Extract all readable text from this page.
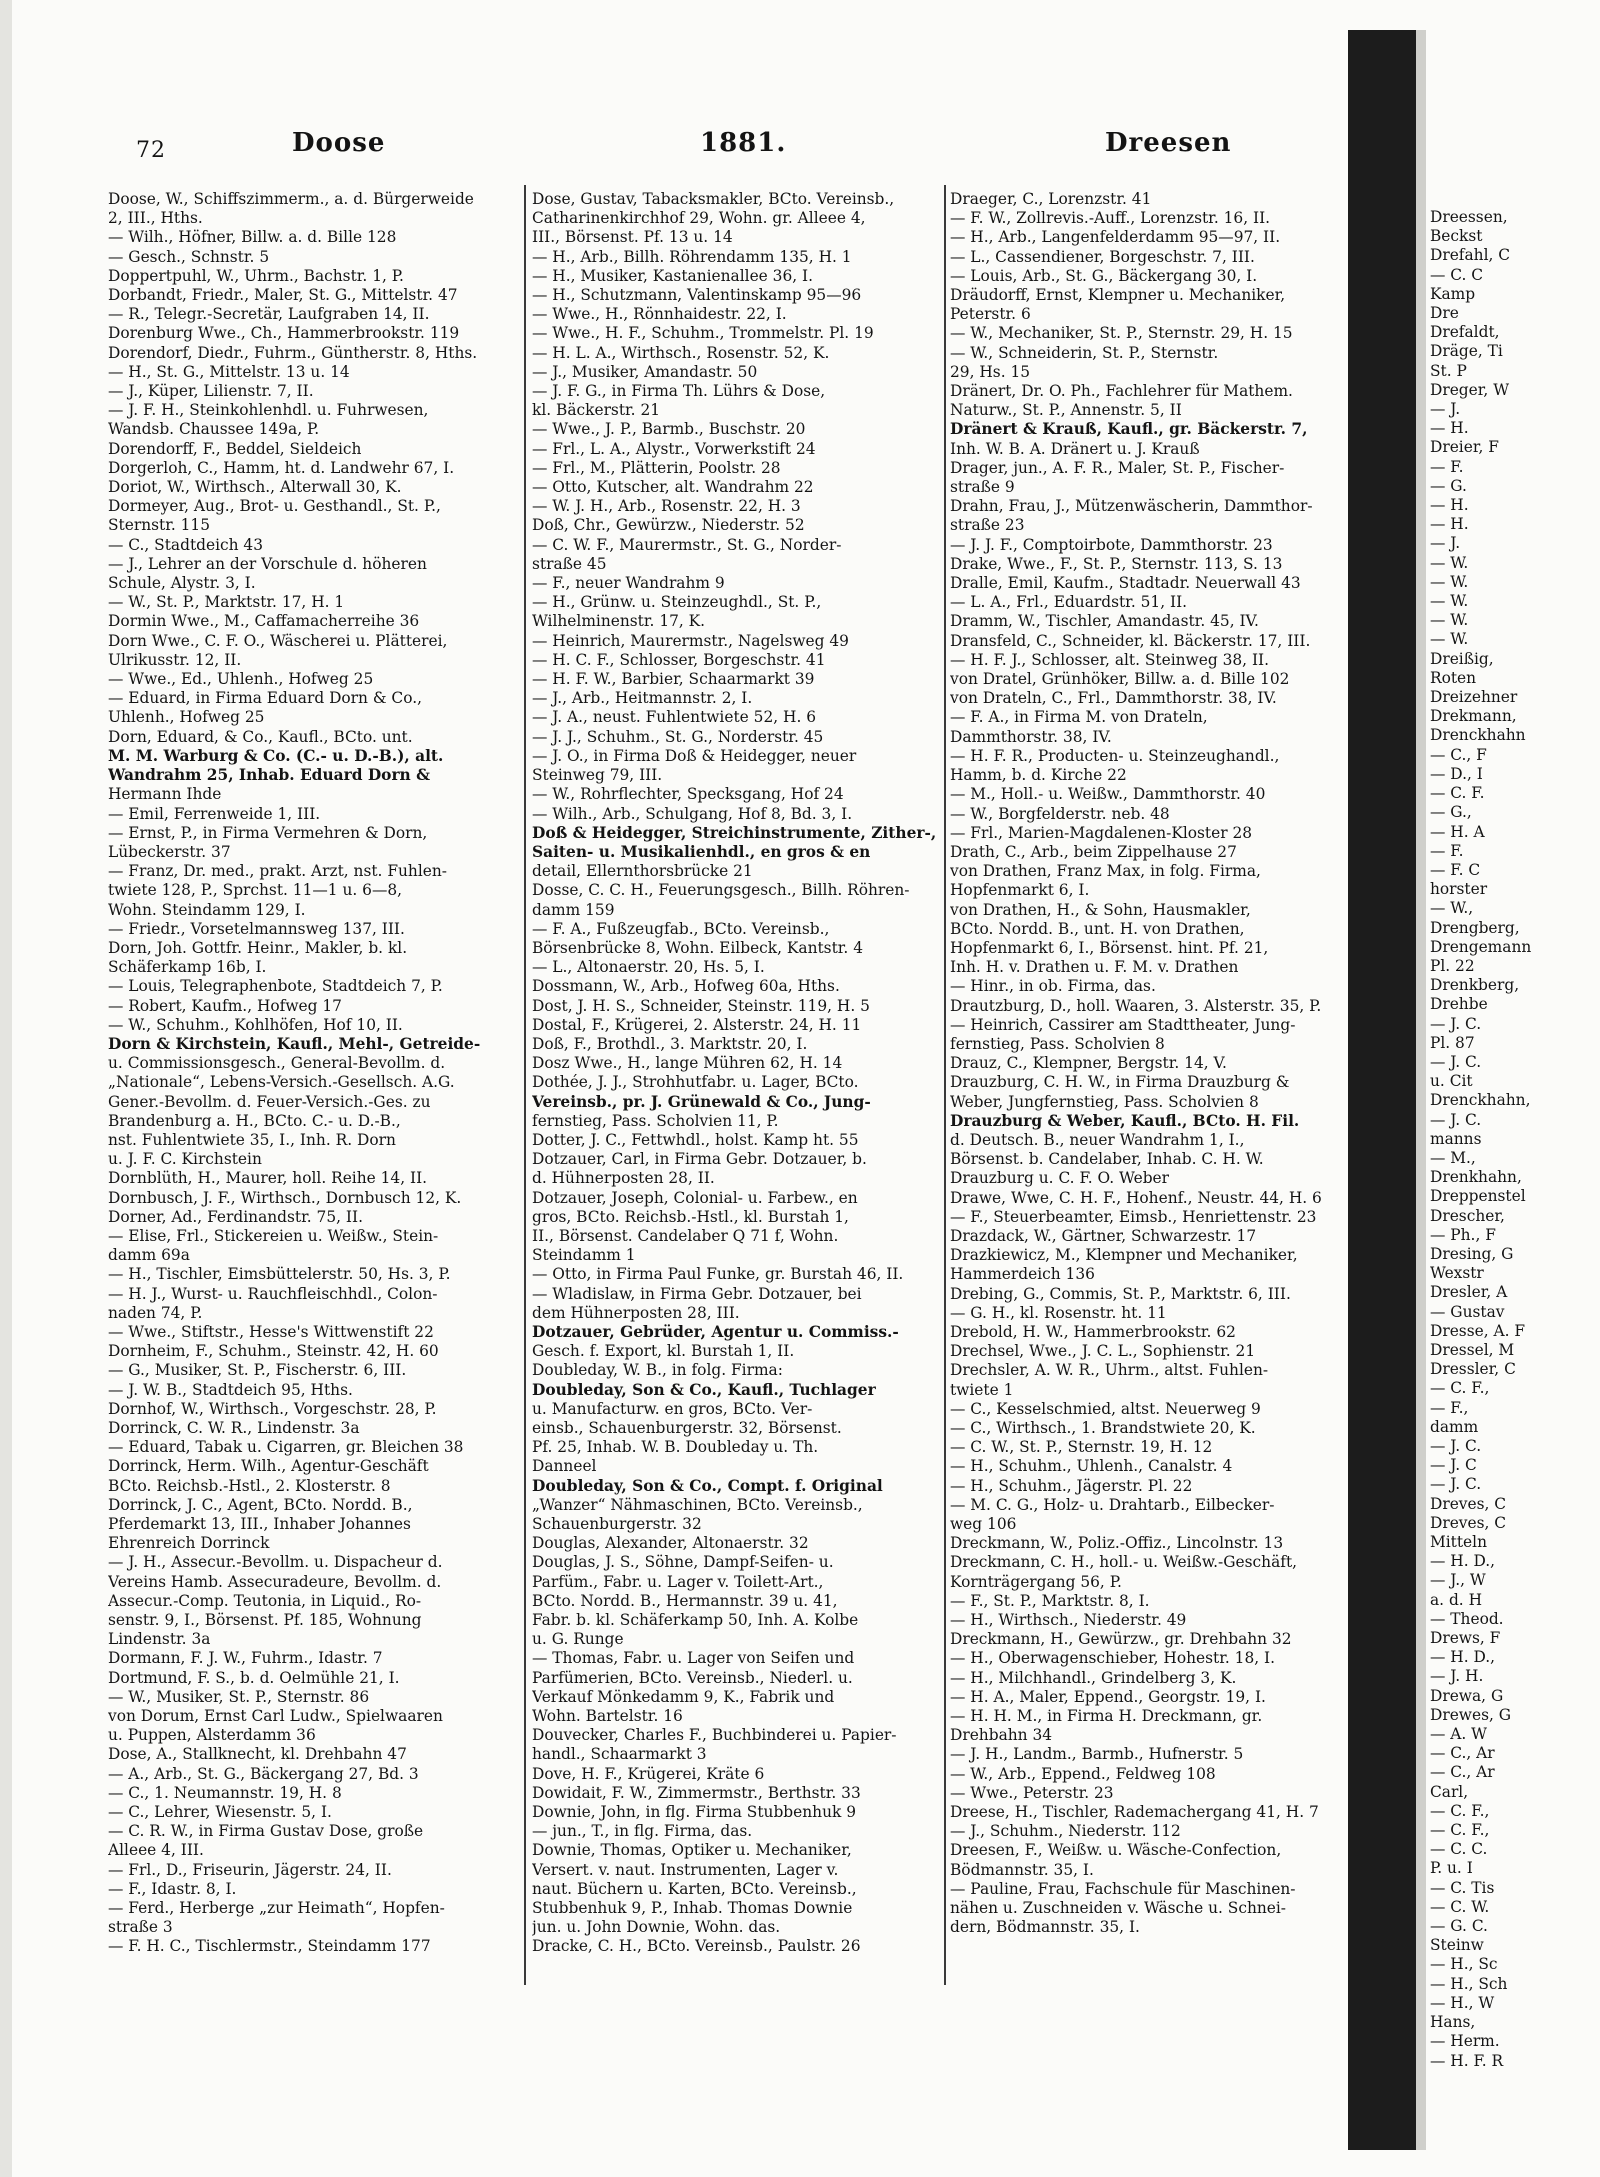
72	Doose	1881.	Dreesen
Doose, W., Schiffszimmerm., a. d. Bürgerweide
2, III., Hths.
— Wilh., Höfner, Billw. a. d. Bille 128
— Gesch., Schnstr. 5
Doppertpuhl, W., Uhrm., Bachstr. 1, P.
Dorbandt, Friedr., Maler, St. G., Mittelstr. 47
— R., Telegr.-Secretär, Laufgraben 14, II.
Dorenburg Wwe., Ch., Hammerbrookstr. 119
Dorendorf, Diedr., Fuhrm., Güntherstr. 8, Hths.
— H., St. G., Mittelstr. 13 u. 14
— J., Küper, Lilienstr. 7, II.
— J. F. H., Steinkohlenhdl. u. Fuhrwesen,
Wandsb. Chaussee 149a, P.
Dorendorff, F., Beddel, Sieldeich
Dorgerloh, C., Hamm, ht. d. Landwehr 67, I.
Doriot, W., Wirthsch., Alterwall 30, K.
Dormeyer, Aug., Brot- u. Gesthandl., St. P.,
Sternstr. 115
— C., Stadtdeich 43
— J., Lehrer an der Vorschule d. höheren
Schule, Alystr. 3, I.
— W., St. P., Marktstr. 17, H. 1
Dormin Wwe., M., Caffamacherreihe 36
Dorn Wwe., C. F. O., Wäscherei u. Plätterei,
Ulrikusstr. 12, II.
— Wwe., Ed., Uhlenh., Hofweg 25
— Eduard, in Firma Eduard Dorn & Co.,
Uhlenh., Hofweg 25
Dorn, Eduard, & Co., Kaufl., BCto. unt.
M. M. Warburg & Co. (C.- u. D.-B.), alt.
Wandrahm 25, Inhab. Eduard Dorn &
Hermann Ihde
— Emil, Ferrenweide 1, III.
— Ernst, P., in Firma Vermehren & Dorn,
Lübeckerstr. 37
— Franz, Dr. med., prakt. Arzt, nst. Fuhlen-
twiete 128, P., Sprchst. 11—1 u. 6—8,
Wohn. Steindamm 129, I.
— Friedr., Vorsetelmannsweg 137, III.
Dorn, Joh. Gottfr. Heinr., Makler, b. kl.
Schäferkamp 16b, I.
— Louis, Telegraphenbote, Stadtdeich 7, P.
— Robert, Kaufm., Hofweg 17
— W., Schuhm., Kohlhöfen, Hof 10, II.
Dorn & Kirchstein, Kaufl., Mehl-, Getreide-
u. Commissionsgesch., General-Bevollm. d.
„Nationale“, Lebens-Versich.-Gesellsch. A.G.
Gener.-Bevollm. d. Feuer-Versich.-Ges. zu
Brandenburg a. H., BCto. C.- u. D.-B.,
nst. Fuhlentwiete 35, I., Inh. R. Dorn
u. J. F. C. Kirchstein
Dornblüth, H., Maurer, holl. Reihe 14, II.
Dornbusch, J. F., Wirthsch., Dornbusch 12, K.
Dorner, Ad., Ferdinandstr. 75, II.
— Elise, Frl., Stickereien u. Weißw., Stein-
damm 69a
— H., Tischler, Eimsbüttelerstr. 50, Hs. 3, P.
— H. J., Wurst- u. Rauchfleischhdl., Colon-
naden 74, P.
— Wwe., Stiftstr., Hesse's Wittwenstift 22
Dornheim, F., Schuhm., Steinstr. 42, H. 60
— G., Musiker, St. P., Fischerstr. 6, III.
— J. W. B., Stadtdeich 95, Hths.
Dornhof, W., Wirthsch., Vorgeschstr. 28, P.
Dorrinck, C. W. R., Lindenstr. 3a
— Eduard, Tabak u. Cigarren, gr. Bleichen 38
Dorrinck, Herm. Wilh., Agentur-Geschäft
BCto. Reichsb.-Hstl., 2. Klosterstr. 8
Dorrinck, J. C., Agent, BCto. Nordd. B.,
Pferdemarkt 13, III., Inhaber Johannes
Ehrenreich Dorrinck
— J. H., Assecur.-Bevollm. u. Dispacheur d.
Vereins Hamb. Assecuradeure, Bevollm. d.
Assecur.-Comp. Teutonia, in Liquid., Ro-
senstr. 9, I., Börsenst. Pf. 185, Wohnung
Lindenstr. 3a
Dormann, F. J. W., Fuhrm., Idastr. 7
Dortmund, F. S., b. d. Oelmühle 21, I.
— W., Musiker, St. P., Sternstr. 86
von Dorum, Ernst Carl Ludw., Spielwaaren
u. Puppen, Alsterdamm 36
Dose, A., Stallknecht, kl. Drehbahn 47
— A., Arb., St. G., Bäckergang 27, Bd. 3
— C., 1. Neumannstr. 19, H. 8
— C., Lehrer, Wiesenstr. 5, I.
— C. R. W., in Firma Gustav Dose, große
Alleee 4, III.
— Frl., D., Friseurin, Jägerstr. 24, II.
— F., Idastr. 8, I.
— Ferd., Herberge „zur Heimath“, Hopfen-
straße 3
— F. H. C., Tischlermstr., Steindamm 177
Dose, Gustav, Tabacksmakler, BCto. Vereinsb.,
Catharinenkirchhof 29, Wohn. gr. Alleee 4,
III., Börsenst. Pf. 13 u. 14
— H., Arb., Billh. Röhrendamm 135, H. 1
— H., Musiker, Kastanienallee 36, I.
— H., Schutzmann, Valentinskamp 95—96
— Wwe., H., Rönnhaidestr. 22, I.
— Wwe., H. F., Schuhm., Trommelstr. Pl. 19
— H. L. A., Wirthsch., Rosenstr. 52, K.
— J., Musiker, Amandastr. 50
— J. F. G., in Firma Th. Lührs & Dose,
kl. Bäckerstr. 21
— Wwe., J. P., Barmb., Buschstr. 20
— Frl., L. A., Alystr., Vorwerkstift 24
— Frl., M., Plätterin, Poolstr. 28
— Otto, Kutscher, alt. Wandrahm 22
— W. J. H., Arb., Rosenstr. 22, H. 3
Doß, Chr., Gewürzw., Niederstr. 52
— C. W. F., Maurermstr., St. G., Norder-
straße 45
— F., neuer Wandrahm 9
— H., Grünw. u. Steinzeughdl., St. P.,
Wilhelminenstr. 17, K.
— Heinrich, Maurermstr., Nagelsweg 49
— H. C. F., Schlosser, Borgeschstr. 41
— H. F. W., Barbier, Schaarmarkt 39
— J., Arb., Heitmannstr. 2, I.
— J. A., neust. Fuhlentwiete 52, H. 6
— J. J., Schuhm., St. G., Norderstr. 45
— J. O., in Firma Doß & Heidegger, neuer
Steinweg 79, III.
— W., Rohrflechter, Specksgang, Hof 24
— Wilh., Arb., Schulgang, Hof 8, Bd. 3, I.
Doß & Heidegger, Streichinstrumente, Zither-,
Saiten- u. Musikalienhdl., en gros & en
detail, Ellernthorsbrücke 21
Dosse, C. C. H., Feuerungsgesch., Billh. Röhren-
damm 159
— F. A., Fußzeugfab., BCto. Vereinsb.,
Börsenbrücke 8, Wohn. Eilbeck, Kantstr. 4
— L., Altonaerstr. 20, Hs. 5, I.
Dossmann, W., Arb., Hofweg 60a, Hths.
Dost, J. H. S., Schneider, Steinstr. 119, H. 5
Dostal, F., Krügerei, 2. Alsterstr. 24, H. 11
Doß, F., Brothdl., 3. Marktstr. 20, I.
Dosz Wwe., H., lange Mühren 62, H. 14
Dothée, J. J., Strohhutfabr. u. Lager, BCto.
Vereinsb., pr. J. Grünewald & Co., Jung-
fernstieg, Pass. Scholvien 11, P.
Dotter, J. C., Fettwhdl., holst. Kamp ht. 55
Dotzauer, Carl, in Firma Gebr. Dotzauer, b.
d. Hühnerposten 28, II.
Dotzauer, Joseph, Colonial- u. Farbew., en
gros, BCto. Reichsb.-Hstl., kl. Burstah 1,
II., Börsenst. Candelaber Q 71 f, Wohn.
Steindamm 1
— Otto, in Firma Paul Funke, gr. Burstah 46, II.
— Wladislaw, in Firma Gebr. Dotzauer, bei
dem Hühnerposten 28, III.
Dotzauer, Gebrüder, Agentur u. Commiss.-
Gesch. f. Export, kl. Burstah 1, II.
Doubleday, W. B., in folg. Firma:
Doubleday, Son & Co., Kaufl., Tuchlager
u. Manufacturw. en gros, BCto. Ver-
einsb., Schauenburgerstr. 32, Börsenst.
Pf. 25, Inhab. W. B. Doubleday u. Th.
Danneel
Doubleday, Son & Co., Compt. f. Original
„Wanzer“ Nähmaschinen, BCto. Vereinsb.,
Schauenburgerstr. 32
Douglas, Alexander, Altonaerstr. 32
Douglas, J. S., Söhne, Dampf-Seifen- u.
Parfüm., Fabr. u. Lager v. Toilett-Art.,
BCto. Nordd. B., Hermannstr. 39 u. 41,
Fabr. b. kl. Schäferkamp 50, Inh. A. Kolbe
u. G. Runge
— Thomas, Fabr. u. Lager von Seifen und
Parfümerien, BCto. Vereinsb., Niederl. u.
Verkauf Mönkedamm 9, K., Fabrik und
Wohn. Bartelstr. 16
Douvecker, Charles F., Buchbinderei u. Papier-
handl., Schaarmarkt 3
Dove, H. F., Krügerei, Kräte 6
Dowidait, F. W., Zimmermstr., Berthstr. 33
Downie, John, in flg. Firma Stubbenhuk 9
— jun., T., in flg. Firma, das.
Downie, Thomas, Optiker u. Mechaniker,
Versert. v. naut. Instrumenten, Lager v.
naut. Büchern u. Karten, BCto. Vereinsb.,
Stubbenhuk 9, P., Inhab. Thomas Downie
jun. u. John Downie, Wohn. das.
Dracke, C. H., BCto. Vereinsb., Paulstr. 26
Draeger, C., Lorenzstr. 41
— F. W., Zollrevis.-Auff., Lorenzstr. 16, II.
— H., Arb., Langenfelderdamm 95—97, II.
— L., Cassendiener, Borgeschstr. 7, III.
— Louis, Arb., St. G., Bäckergang 30, I.
Dräudorff, Ernst, Klempner u. Mechaniker,
Peterstr. 6
— W., Mechaniker, St. P., Sternstr. 29, H. 15
— W., Schneiderin, St. P., Sternstr.
29, Hs. 15
Dränert, Dr. O. Ph., Fachlehrer für Mathem.
Naturw., St. P., Annenstr. 5, II
Dränert & Krauß, Kaufl., gr. Bäckerstr. 7,
Inh. W. B. A. Dränert u. J. Krauß
Drager, jun., A. F. R., Maler, St. P., Fischer-
straße 9
Drahn, Frau, J., Mützenwäscherin, Dammthor-
straße 23
— J. J. F., Comptoirbote, Dammthorstr. 23
Drake, Wwe., F., St. P., Sternstr. 113, S. 13
Dralle, Emil, Kaufm., Stadtadr. Neuerwall 43
— L. A., Frl., Eduardstr. 51, II.
Dramm, W., Tischler, Amandastr. 45, IV.
Dransfeld, C., Schneider, kl. Bäckerstr. 17, III.
— H. F. J., Schlosser, alt. Steinweg 38, II.
von Dratel, Grünhöker, Billw. a. d. Bille 102
von Drateln, C., Frl., Dammthorstr. 38, IV.
— F. A., in Firma M. von Drateln,
Dammthorstr. 38, IV.
— H. F. R., Producten- u. Steinzeughandl.,
Hamm, b. d. Kirche 22
— M., Holl.- u. Weißw., Dammthorstr. 40
— W., Borgfelderstr. neb. 48
— Frl., Marien-Magdalenen-Kloster 28
Drath, C., Arb., beim Zippelhause 27
von Drathen, Franz Max, in folg. Firma,
Hopfenmarkt 6, I.
von Drathen, H., & Sohn, Hausmakler,
BCto. Nordd. B., unt. H. von Drathen,
Hopfenmarkt 6, I., Börsenst. hint. Pf. 21,
Inh. H. v. Drathen u. F. M. v. Drathen
— Hinr., in ob. Firma, das.
Drautzburg, D., holl. Waaren, 3. Alsterstr. 35, P.
— Heinrich, Cassirer am Stadttheater, Jung-
fernstieg, Pass. Scholvien 8
Drauz, C., Klempner, Bergstr. 14, V.
Drauzburg, C. H. W., in Firma Drauzburg &
Weber, Jungfernstieg, Pass. Scholvien 8
Drauzburg & Weber, Kaufl., BCto. H. Fil.
d. Deutsch. B., neuer Wandrahm 1, I.,
Börsenst. b. Candelaber, Inhab. C. H. W.
Drauzburg u. C. F. O. Weber
Drawe, Wwe, C. H. F., Hohenf., Neustr. 44, H. 6
— F., Steuerbeamter, Eimsb., Henriettenstr. 23
Drazdack, W., Gärtner, Schwarzestr. 17
Drazkiewicz, M., Klempner und Mechaniker,
Hammerdeich 136
Drebing, G., Commis, St. P., Marktstr. 6, III.
— G. H., kl. Rosenstr. ht. 11
Drebold, H. W., Hammerbrookstr. 62
Drechsel, Wwe., J. C. L., Sophienstr. 21
Drechsler, A. W. R., Uhrm., altst. Fuhlen-
twiete 1
— C., Kesselschmied, altst. Neuerweg 9
— C., Wirthsch., 1. Brandstwiete 20, K.
— C. W., St. P., Sternstr. 19, H. 12
— H., Schuhm., Uhlenh., Canalstr. 4
— H., Schuhm., Jägerstr. Pl. 22
— M. C. G., Holz- u. Drahtarb., Eilbecker-
weg 106
Dreckmann, W., Poliz.-Offiz., Lincolnstr. 13
Dreckmann, C. H., holl.- u. Weißw.-Geschäft,
Kornträgergang 56, P.
— F., St. P., Marktstr. 8, I.
— H., Wirthsch., Niederstr. 49
Dreckmann, H., Gewürzw., gr. Drehbahn 32
— H., Oberwagenschieber, Hohestr. 18, I.
— H., Milchhandl., Grindelberg 3, K.
— H. A., Maler, Eppend., Georgstr. 19, I.
— H. H. M., in Firma H. Dreckmann, gr.
Drehbahn 34
— J. H., Landm., Barmb., Hufnerstr. 5
— W., Arb., Eppend., Feldweg 108
— Wwe., Peterstr. 23
Dreese, H., Tischler, Rademachergang 41, H. 7
— J., Schuhm., Niederstr. 112
Dreesen, F., Weißw. u. Wäsche-Confection,
Bödmannstr. 35, I.
— Pauline, Frau, Fachschule für Maschinen-
nähen u. Zuschneiden v. Wäsche u. Schnei-
dern, Bödmannstr. 35, I.
Dreessen,
Beckst
Drefahl, C
— C. C
Kamp
Dre
Drefaldt,
Dräge, Ti
St. P
Dreger, W
— J.
— H.
Dreier, F
— F.
— G.
— H.
— H.
— J.
— W.
— W.
— W.
— W.
— W.
Dreißig,
Roten
Dreizehner
Drekmann,
Drenckhahn
— C., F
— D., I
— C. F.
— G.,
— H. A
— F.
— F. C
horster
— W.,
Drengberg,
Drengemann
Pl. 22
Drenkberg,
Drehbe
— J. C.
Pl. 87
— J. C.
u. Cit
Drenckhahn,
— J. C.
manns
— M.,
Drenkhahn,
Dreppenstel
Drescher,
— Ph., F
Dresing, G
Wexstr
Dresler, A
— Gustav
Dresse, A. F
Dressel, M
Dressler, C
— C. F.,
— F.,
damm
— J. C.
— J. C
— J. C.
Dreves, C
Dreves, C
Mitteln
— H. D.,
— J., W
a. d. H
— Theod.
Drews, F
— H. D.,
— J. H.
Drewa, G
Drewes, G
— A. W
— C., Ar
— C., Ar
Carl,
— C. F.,
— C. F.,
— C. C.
P. u. I
— C. Tis
— C. W.
— G. C.
Steinw
— H., Sc
— H., Sch
— H., W
Hans,
— Herm.
— H. F. R
